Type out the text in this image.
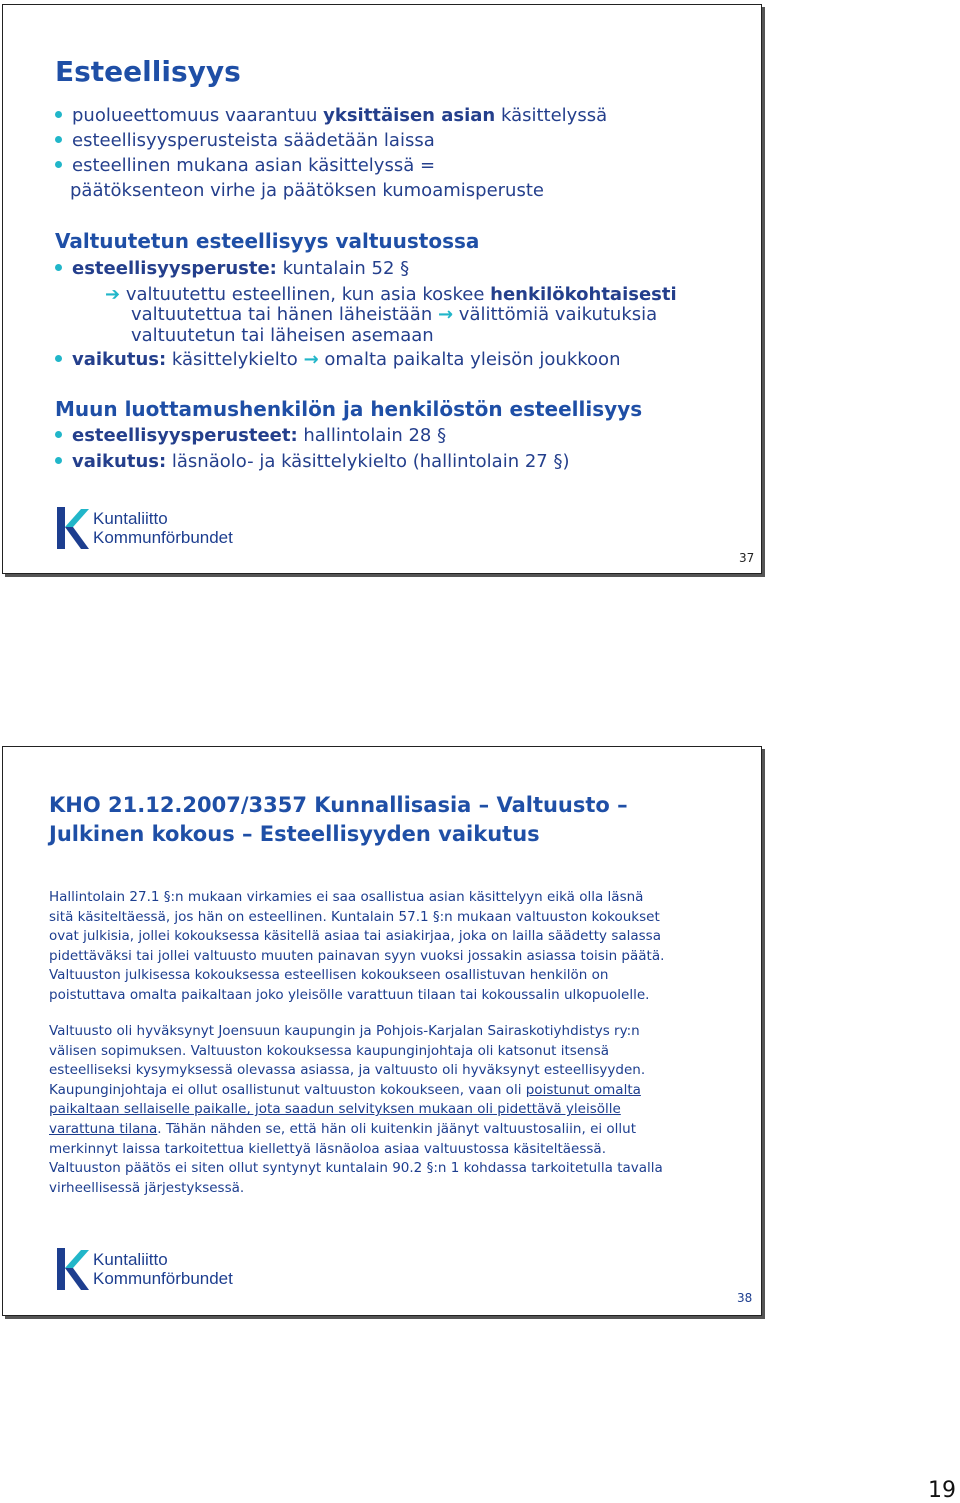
Esteellisyys
puolueettomuus vaarantuu yksittäisen asian käsittelyssä
esteellisyysperusteista säädetään laissa
esteellinen mukana asian käsittelyssä =
päätöksenteon virhe ja päätöksen kumoamisperuste
Valtuutetun esteellisyys valtuustossa
esteellisyysperuste: kuntalain 52 §
➔ valtuutettu esteellinen, kun asia koskee henkilökohtaisesti
valtuutettua tai hänen läheistään → välittömiä vaikutuksia
valtuutetun tai läheisen asemaan
vaikutus: käsittelykielto → omalta paikalta yleisön joukkoon
Muun luottamushenkilön ja henkilöstön esteellisyys
esteellisyysperusteet: hallintolain 28 §
vaikutus: läsnäolo- ja käsittelykielto (hallintolain 27 §)
Kuntaliitto
Kommunförbundet
37
KHO 21.12.2007/3357 Kunnallisasia – Valtuusto –
Julkinen kokous – Esteellisyyden vaikutus

Hallintolain 27.1 §:n mukaan virkamies ei saa osallistua asian käsittelyyn eikä olla läsnä

sitä käsiteltäessä, jos hän on esteellinen. Kuntalain 57.1 §:n mukaan valtuuston kokoukset

ovat julkisia, jollei kokouksessa käsitellä asiaa tai asiakirjaa, joka on lailla säädetty salassa

pidettäväksi tai jollei valtuusto muuten painavan syyn vuoksi jossakin asiassa toisin päätä.

Valtuuston julkisessa kokouksessa esteellisen kokoukseen osallistuvan henkilön on

poistuttava omalta paikaltaan joko yleisölle varattuun tilaan tai kokoussalin ulkopuolelle.

Valtuusto oli hyväksynyt Joensuun kaupungin ja Pohjois-Karjalan Sairaskotiyhdistys ry:n

välisen sopimuksen. Valtuuston kokouksessa kaupunginjohtaja oli katsonut itsensä

esteelliseksi kysymyksessä olevassa asiassa, ja valtuusto oli hyväksynyt esteellisyyden.

Kaupunginjohtaja ei ollut osallistunut valtuuston kokoukseen, vaan oli poistunut omalta

paikaltaan sellaiselle paikalle, jota saadun selvityksen mukaan oli pidettävä yleisölle

varattuna tilana. Tähän nähden se, että hän oli kuitenkin jäänyt valtuustosaliin, ei ollut

merkinnyt laissa tarkoitettua kiellettyä läsnäoloa asiaa valtuustossa käsiteltäessä.

Valtuuston päätös ei siten ollut syntynyt kuntalain 90.2 §:n 1 kohdassa tarkoitetulla tavalla

virheellisessä järjestyksessä.

Kuntaliitto
Kommunförbundet
38
19
